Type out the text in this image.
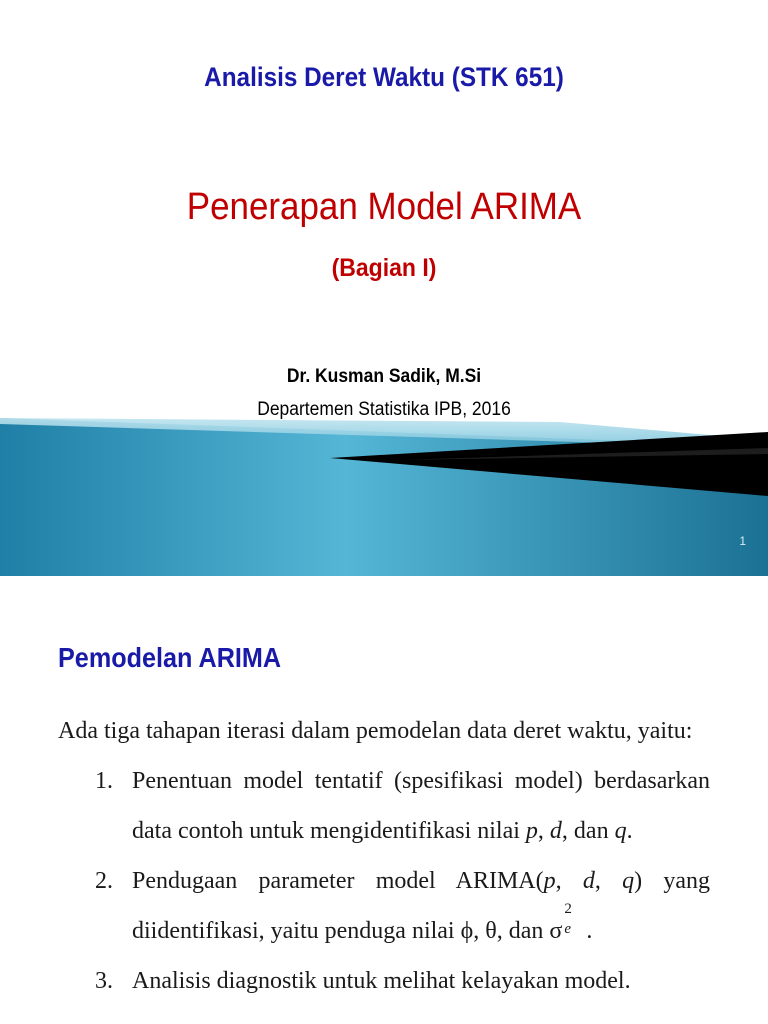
Analisis Deret Waktu (STK 651)
Penerapan Model ARIMA
(Bagian I)
Dr. Kusman Sadik, M.Si
Departemen Statistika IPB, 2016
1
Pemodelan ARIMA
Ada tiga tahapan iterasi dalam pemodelan data deret waktu, yaitu:
1. Penentuan model tentatif (spesifikasi model) berdasarkan data contoh untuk mengidentifikasi nilai p, d, dan q.
2. Pendugaan parameter model ARIMA(p, d, q) yang diidentifikasi, yaitu penduga nilai ϕ, θ, dan σ
2
e
  .
3. Analisis diagnostik untuk melihat kelayakan model.
